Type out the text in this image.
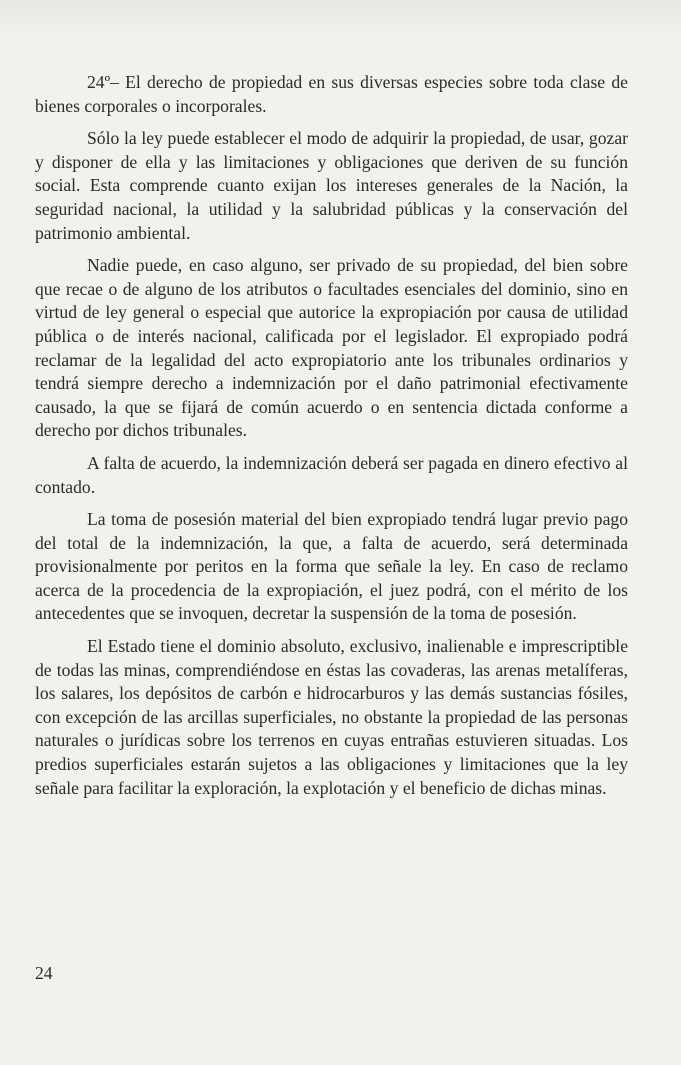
24º– El derecho de propiedad en sus diversas especies sobre toda clase de bienes corporales o incorporales.

Sólo la ley puede establecer el modo de adquirir la propiedad, de usar, gozar y disponer de ella y las limitaciones y obligaciones que deriven de su función social. Esta comprende cuanto exijan los intereses generales de la Nación, la seguridad nacional, la utilidad y la salubridad públicas y la conservación del patrimonio ambiental.

Nadie puede, en caso alguno, ser privado de su propiedad, del bien sobre que recae o de alguno de los atributos o facultades esenciales del dominio, sino en virtud de ley general o especial que autorice la expropiación por causa de utilidad pública o de interés nacional, calificada por el legislador. El expropiado podrá reclamar de la legalidad del acto expropiatorio ante los tribunales ordinarios y tendrá siempre derecho a indemnización por el daño patrimonial efectivamente causado, la que se fijará de común acuerdo o en sentencia dictada conforme a derecho por dichos tribunales.

A falta de acuerdo, la indemnización deberá ser pagada en dinero efectivo al contado.

La toma de posesión material del bien expropiado tendrá lugar previo pago del total de la indemnización, la que, a falta de acuerdo, será determinada provisionalmente por peritos en la forma que señale la ley. En caso de reclamo acerca de la procedencia de la expropiación, el juez podrá, con el mérito de los antecedentes que se invoquen, decretar la suspensión de la toma de posesión.

El Estado tiene el dominio absoluto, exclusivo, inalienable e imprescriptible de todas las minas, comprendiéndose en éstas las covaderas, las arenas metalíferas, los salares, los depósitos de carbón e hidrocarburos y las demás sustancias fósiles, con excepción de las arcillas superficiales, no obstante la propiedad de las personas naturales o jurídicas sobre los terrenos en cuyas entrañas estuvieren situadas. Los predios superficiales estarán sujetos a las obligaciones y limitaciones que la ley señale para facilitar la exploración, la explotación y el beneficio de dichas minas.

24
